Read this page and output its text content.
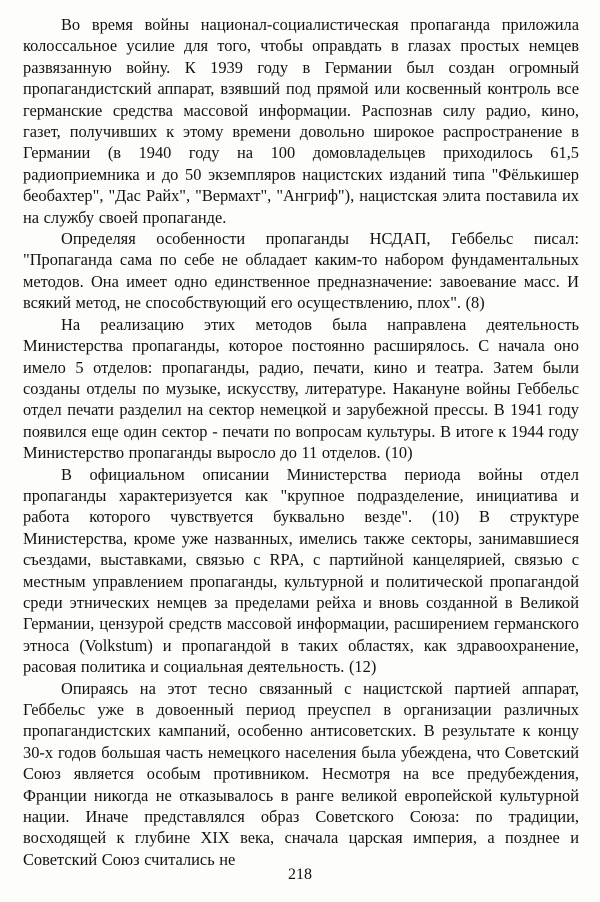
Во время войны национал-социалистическая пропаганда приложила колоссальное усилие для того, чтобы оправдать в глазах простых немцев развязанную войну. К 1939 году в Германии был создан огромный пропагандистский аппарат, взявший под прямой или косвенный контроль все германские средства массовой информации. Распознав силу радио, кино, газет, получивших к этому времени довольно широкое распространение в Германии (в 1940 году на 100 домовладельцев приходилось 61,5 радиоприемника и до 50 экземпляров нацистских изданий типа "Фёлькишер беобахтер", "Дас Райх", "Вермахт", "Ангриф"), нацистская элита поставила их на службу своей пропаганде.

Определяя особенности пропаганды НСДАП, Геббельс писал: "Пропаганда сама по себе не обладает каким-то набором фундаментальных методов. Она имеет одно единственное предназначение: завоевание масс. И всякий метод, не способствующий его осуществлению, плох". (8)

На реализацию этих методов была направлена деятельность Министерства пропаганды, которое постоянно расширялось. С начала оно имело 5 отделов: пропаганды, радио, печати, кино и театра. Затем были созданы отделы по музыке, искусству, литературе. Накануне войны Геббельс отдел печати разделил на сектор немецкой и зарубежной прессы. В 1941 году появился еще один сектор - печати по вопросам культуры. В итоге к 1944 году Министерство пропаганды выросло до 11 отделов. (10)

В официальном описании Министерства периода войны отдел пропаганды характеризуется как "крупное подразделение, инициатива и работа которого чувствуется буквально везде". (10) В структуре Министерства, кроме уже названных, имелись также секторы, занимавшиеся съездами, выставками, связью с RPA, с партийной канцелярией, связью с местным управлением пропаганды, культурной и политической пропагандой среди этнических немцев за пределами рейха и вновь созданной в Великой Германии, цензурой средств массовой информации, расширением германского этноса (Volkstum) и пропагандой в таких областях, как здравоохранение, расовая политика и социальная деятельность. (12)

Опираясь на этот тесно связанный с нацистской партией аппарат, Геббельс уже в довоенный период преуспел в организации различных пропагандистских кампаний, особенно антисоветских. В результате к концу 30-х годов большая часть немецкого населения была убеждена, что Советский Союз является особым противником. Несмотря на все предубеждения, Франции никогда не отказывалось в ранге великой европейской культурной нации. Иначе представлялся образ Советского Союза: по традиции, восходящей к глубине XIX века, сначала царская империя, а позднее и Советский Союз считались не

218
